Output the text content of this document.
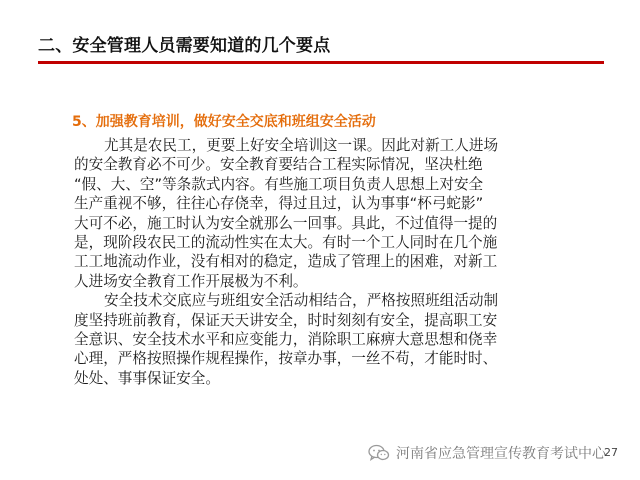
二、安全管理人员需要知道的几个要点
5、加强教育培训，做好安全交底和班组安全活动
尤其是农民工，更要上好安全培训这一课。因此对新工人进场
的安全教育必不可少。安全教育要结合工程实际情况，坚决杜绝
“假、大、空”等条款式内容。有些施工项目负责人思想上对安全
生产重视不够，往往心存侥幸，得过且过，认为事事“杯弓蛇影”
大可不必，施工时认为安全就那么一回事。具此，不过值得一提的
是，现阶段农民工的流动性实在太大。有时一个工人同时在几个施
工工地流动作业，没有相对的稳定，造成了管理上的困难，对新工
人进场安全教育工作开展极为不利。
安全技术交底应与班组安全活动相结合，严格按照班组活动制
度坚持班前教育，保证天天讲安全，时时刻刻有安全，提高职工安
全意识、安全技术水平和应变能力，消除职工麻痹大意思想和侥幸
心理，严格按照操作规程操作，按章办事，一丝不苟，才能时时、
处处、事事保证安全。
河南省应急管理宣传教育考试中心
27
